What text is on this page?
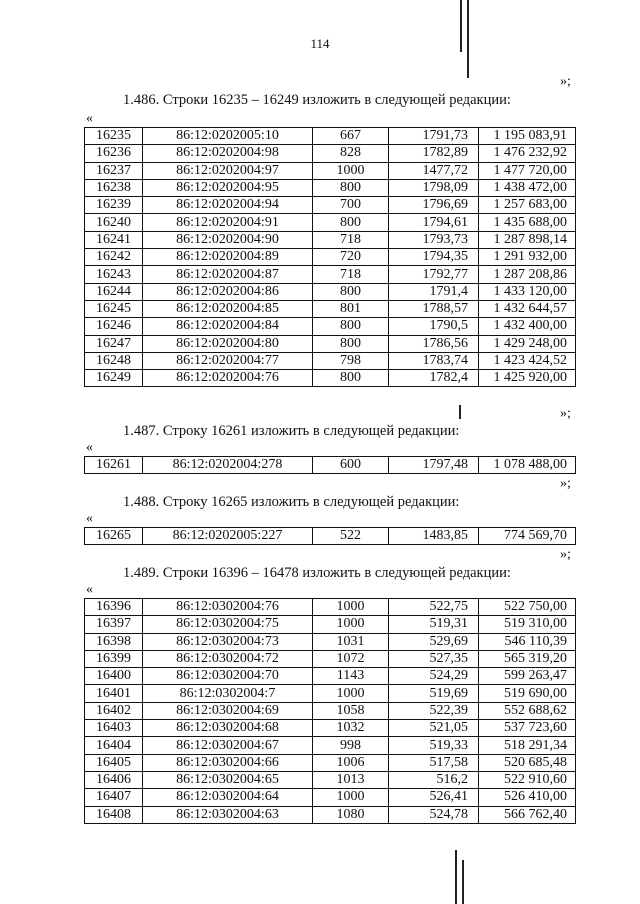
114
»;
1.486. Строки 16235 – 16249 изложить в следующей редакции:
«
16235	86:12:0202005:10	667	1791,73	1 195 083,91
16236	86:12:0202004:98	828	1782,89	1 476 232,92
16237	86:12:0202004:97	1000	1477,72	1 477 720,00
16238	86:12:0202004:95	800	1798,09	1 438 472,00
16239	86:12:0202004:94	700	1796,69	1 257 683,00
16240	86:12:0202004:91	800	1794,61	1 435 688,00
16241	86:12:0202004:90	718	1793,73	1 287 898,14
16242	86:12:0202004:89	720	1794,35	1 291 932,00
16243	86:12:0202004:87	718	1792,77	1 287 208,86
16244	86:12:0202004:86	800	1791,4	1 433 120,00
16245	86:12:0202004:85	801	1788,57	1 432 644,57
16246	86:12:0202004:84	800	1790,5	1 432 400,00
16247	86:12:0202004:80	800	1786,56	1 429 248,00
16248	86:12:0202004:77	798	1783,74	1 423 424,52
16249	86:12:0202004:76	800	1782,4	1 425 920,00
»;
1.487. Строку 16261 изложить в следующей редакции:
«
16261	86:12:0202004:278	600	1797,48	1 078 488,00
»;
1.488. Строку 16265 изложить в следующей редакции:
«
16265	86:12:0202005:227	522	1483,85	774 569,70
»;
1.489. Строки 16396 – 16478 изложить в следующей редакции:
«
16396	86:12:0302004:76	1000	522,75	522 750,00
16397	86:12:0302004:75	1000	519,31	519 310,00
16398	86:12:0302004:73	1031	529,69	546 110,39
16399	86:12:0302004:72	1072	527,35	565 319,20
16400	86:12:0302004:70	1143	524,29	599 263,47
16401	86:12:0302004:7	1000	519,69	519 690,00
16402	86:12:0302004:69	1058	522,39	552 688,62
16403	86:12:0302004:68	1032	521,05	537 723,60
16404	86:12:0302004:67	998	519,33	518 291,34
16405	86:12:0302004:66	1006	517,58	520 685,48
16406	86:12:0302004:65	1013	516,2	522 910,60
16407	86:12:0302004:64	1000	526,41	526 410,00
16408	86:12:0302004:63	1080	524,78	566 762,40
